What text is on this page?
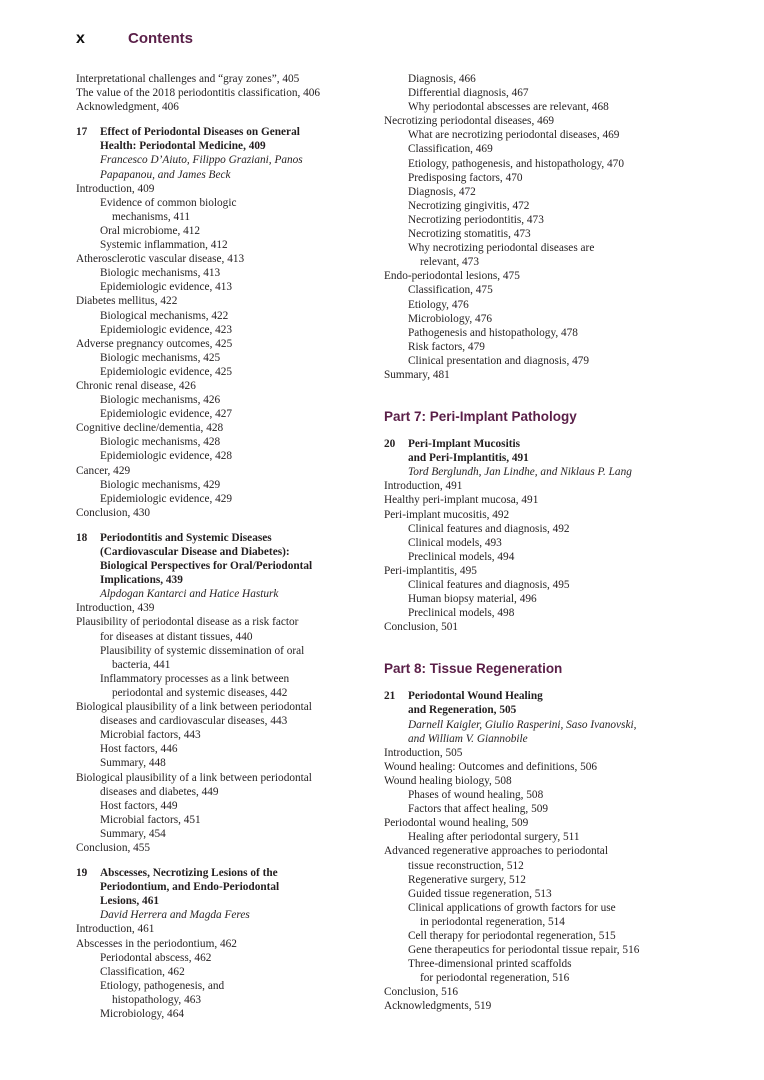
x	Contents
Interpretational challenges and “gray zones”, 405
The value of the 2018 periodontitis classification, 406
Acknowledgment, 406
17 Effect of Periodontal Diseases on General
Health: Periodontal Medicine, 409
Francesco D’Aiuto, Filippo Graziani, Panos
Papapanou, and James Beck
Introduction, 409
Evidence of common biologic
mechanisms, 411
Oral microbiome, 412
Systemic inflammation, 412
Atherosclerotic vascular disease, 413
Biologic mechanisms, 413
Epidemiologic evidence, 413
Diabetes mellitus, 422
Biological mechanisms, 422
Epidemiologic evidence, 423
Adverse pregnancy outcomes, 425
Biologic mechanisms, 425
Epidemiologic evidence, 425
Chronic renal disease, 426
Biologic mechanisms, 426
Epidemiologic evidence, 427
Cognitive decline/dementia, 428
Biologic mechanisms, 428
Epidemiologic evidence, 428
Cancer, 429
Biologic mechanisms, 429
Epidemiologic evidence, 429
Conclusion, 430
18 Periodontitis and Systemic Diseases
(Cardiovascular Disease and Diabetes):
Biological Perspectives for Oral/Periodontal
Implications, 439
Alpdogan Kantarci and Hatice Hasturk
Introduction, 439
Plausibility of periodontal disease as a risk factor
for diseases at distant tissues, 440
Plausibility of systemic dissemination of oral
bacteria, 441
Inflammatory processes as a link between
periodontal and systemic diseases, 442
Biological plausibility of a link between periodontal
diseases and cardiovascular diseases, 443
Microbial factors, 443
Host factors, 446
Summary, 448
Biological plausibility of a link between periodontal
diseases and diabetes, 449
Host factors, 449
Microbial factors, 451
Summary, 454
Conclusion, 455
19 Abscesses, Necrotizing Lesions of the
Periodontium, and Endo-Periodontal
Lesions, 461
David Herrera and Magda Feres
Introduction, 461
Abscesses in the periodontium, 462
Periodontal abscess, 462
Classification, 462
Etiology, pathogenesis, and
histopathology, 463
Microbiology, 464
Diagnosis, 466
Differential diagnosis, 467
Why periodontal abscesses are relevant, 468
Necrotizing periodontal diseases, 469
What are necrotizing periodontal diseases, 469
Classification, 469
Etiology, pathogenesis, and histopathology, 470
Predisposing factors, 470
Diagnosis, 472
Necrotizing gingivitis, 472
Necrotizing periodontitis, 473
Necrotizing stomatitis, 473
Why necrotizing periodontal diseases are
relevant, 473
Endo-periodontal lesions, 475
Classification, 475
Etiology, 476
Microbiology, 476
Pathogenesis and histopathology, 478
Risk factors, 479
Clinical presentation and diagnosis, 479
Summary, 481
Part 7: Peri-Implant Pathology
20 Peri-Implant Mucositis
and Peri-Implantitis, 491
Tord Berglundh, Jan Lindhe, and Niklaus P. Lang
Introduction, 491
Healthy peri-implant mucosa, 491
Peri-implant mucositis, 492
Clinical features and diagnosis, 492
Clinical models, 493
Preclinical models, 494
Peri-implantitis, 495
Clinical features and diagnosis, 495
Human biopsy material, 496
Preclinical models, 498
Conclusion, 501
Part 8: Tissue Regeneration
21 Periodontal Wound Healing
and Regeneration, 505
Darnell Kaigler, Giulio Rasperini, Saso Ivanovski,
and William V. Giannobile
Introduction, 505
Wound healing: Outcomes and definitions, 506
Wound healing biology, 508
Phases of wound healing, 508
Factors that affect healing, 509
Periodontal wound healing, 509
Healing after periodontal surgery, 511
Advanced regenerative approaches to periodontal
tissue reconstruction, 512
Regenerative surgery, 512
Guided tissue regeneration, 513
Clinical applications of growth factors for use
in periodontal regeneration, 514
Cell therapy for periodontal regeneration, 515
Gene therapeutics for periodontal tissue repair, 516
Three-dimensional printed scaffolds
for periodontal regeneration, 516
Conclusion, 516
Acknowledgments, 519
